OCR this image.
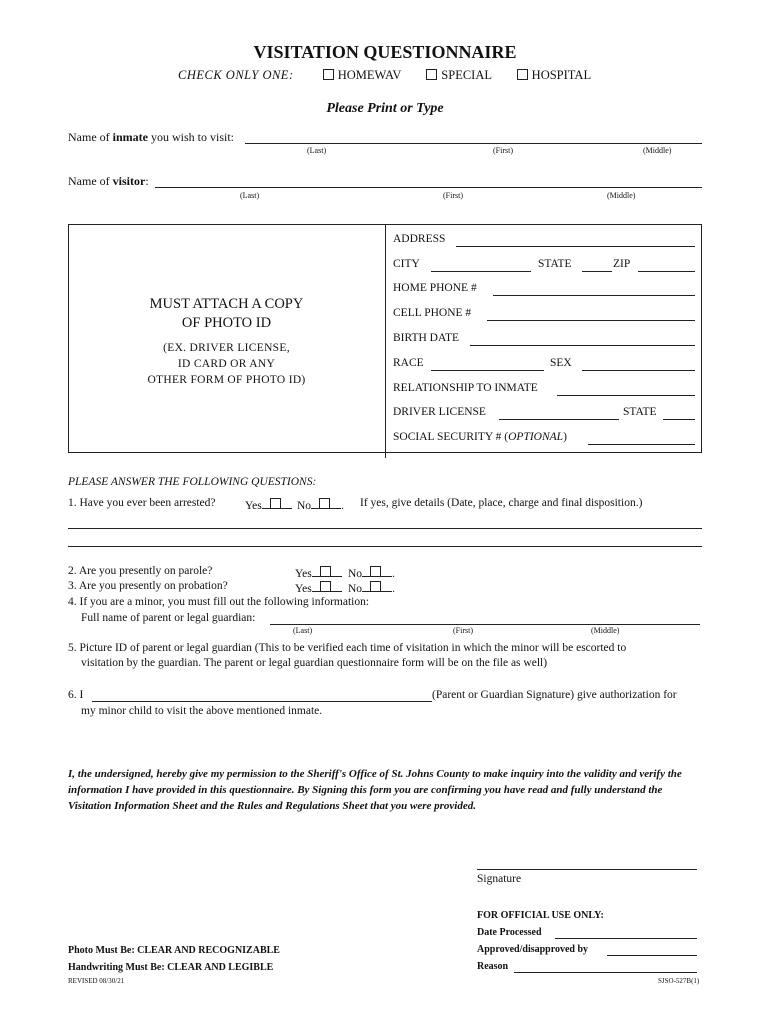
VISITATION QUESTIONNAIRE
CHECK ONLY ONE:	HOMEWAV	SPECIAL	HOSPITAL
Please Print or Type
Name of inmate you wish to visit:
(Last)	(First)	(Middle)
Name of visitor:
(Last)	(First)	(Middle)
MUST ATTACH A COPY
OF PHOTO ID
(EX. DRIVER LICENSE,
ID CARD OR ANY
OTHER FORM OF PHOTO ID)
ADDRESS
CITY	STATE	ZIP
HOME PHONE #
CELL PHONE #
BIRTH DATE
RACE	SEX
RELATIONSHIP TO INMATE
DRIVER LICENSE	STATE
SOCIAL SECURITY # (OPTIONAL)
PLEASE ANSWER THE FOLLOWING QUESTIONS:
1. Have you ever been arrested?	Yes	No	. If yes, give details (Date, place, charge and final disposition.)
2. Are you presently on parole?	Yes	No	.
3. Are you presently on probation?	Yes	No	.
4. If you are a minor, you must fill out the following information:
Full name of parent or legal guardian:
(Last)	(First)	(Middle)
5. Picture ID of parent or legal guardian (This to be verified each time of visitation in which the minor will be escorted to
visitation by the guardian. The parent or legal guardian questionnaire form will be on the file as well)
6. I	(Parent or Guardian Signature) give authorization for
my minor child to visit the above mentioned inmate.
I, the undersigned, hereby give my permission to the Sheriff's Office of St. Johns County to make inquiry into the validity and verify the information I have provided in this questionnaire. By Signing this form you are confirming you have read and fully understand the Visitation Information Sheet and the Rules and Regulations Sheet that you were provided.
Signature
FOR OFFICIAL USE ONLY:
Date Processed
Approved/disapproved by
Reason
Photo Must Be: CLEAR AND RECOGNIZABLE
Handwriting Must Be: CLEAR AND LEGIBLE
REVISED 08/30/21	SJSO-527B(1)
